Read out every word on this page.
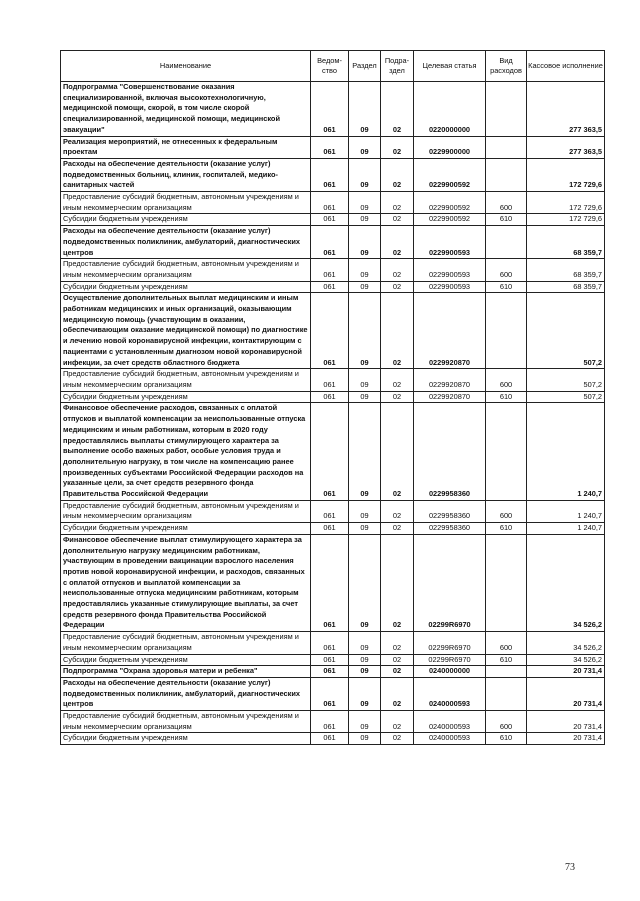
Наименование	Ведом-ство	Раздел	Подра-здел	Целевая статья	Вид расходов	Кассовое исполнение
Подпрограмма "Совершенствование оказания специализированной, включая высокотехнологичную, медицинской помощи, скорой, в том числе скорой специализированной, медицинской помощи, медицинской эвакуации"	061	09	02	0220000000		277 363,5
Реализация мероприятий, не отнесенных к федеральным проектам	061	09	02	0229900000		277 363,5
Расходы на обеспечение деятельности (оказание услуг) подведомственных больниц, клиник, госпиталей, медико-санитарных частей	061	09	02	0229900592		172 729,6
Предоставление субсидий бюджетным, автономным учреждениям и иным некоммерческим организациям	061	09	02	0229900592	600	172 729,6
Субсидии бюджетным учреждениям	061	09	02	0229900592	610	172 729,6
Расходы на обеспечение деятельности (оказание услуг) подведомственных поликлиник, амбулаторий, диагностических центров	061	09	02	0229900593		68 359,7
Предоставление субсидий бюджетным, автономным учреждениям и иным некоммерческим организациям	061	09	02	0229900593	600	68 359,7
Субсидии бюджетным учреждениям	061	09	02	0229900593	610	68 359,7
Осуществление дополнительных выплат медицинским и иным работникам медицинских и иных организаций, оказывающим медицинскую помощь (участвующим в оказании, обеспечивающим оказание медицинской помощи) по диагностике и лечению новой коронавирусной инфекции, контактирующим с пациентами с установленным диагнозом новой коронавирусной инфекции, за счет средств областного бюджета	061	09	02	0229920870		507,2
Предоставление субсидий бюджетным, автономным учреждениям и иным некоммерческим организациям	061	09	02	0229920870	600	507,2
Субсидии бюджетным учреждениям	061	09	02	0229920870	610	507,2
Финансовое обеспечение расходов, связанных с оплатой отпусков и выплатой компенсации за неиспользованные отпуска медицинским и иным работникам, которым в 2020 году предоставлялись выплаты стимулирующего характера за выполнение особо важных работ, особые условия труда и дополнительную нагрузку, в том числе на компенсацию ранее произведенных субъектами Российской Федерации расходов на указанные цели, за счет средств резервного фонда Правительства Российской Федерации	061	09	02	0229958360		1 240,7
Предоставление субсидий бюджетным, автономным учреждениям и иным некоммерческим организациям	061	09	02	0229958360	600	1 240,7
Субсидии бюджетным учреждениям	061	09	02	0229958360	610	1 240,7
Финансовое обеспечение выплат стимулирующего характера за дополнительную нагрузку медицинским работникам, участвующим в проведении вакцинации взрослого населения против новой коронавирусной инфекции, и расходов, связанных с оплатой отпусков и выплатой компенсации за неиспользованные отпуска медицинским работникам, которым предоставлялись указанные стимулирующие выплаты, за счет средств резервного фонда Правительства Российской Федерации	061	09	02	02299R6970		34 526,2
Предоставление субсидий бюджетным, автономным учреждениям и иным некоммерческим организациям	061	09	02	02299R6970	600	34 526,2
Субсидии бюджетным учреждениям	061	09	02	02299R6970	610	34 526,2
Подпрограмма "Охрана здоровья матери и ребенка"	061	09	02	0240000000		20 731,4
Расходы на обеспечение деятельности (оказание услуг) подведомственных поликлиник, амбулаторий, диагностических центров	061	09	02	0240000593		20 731,4
Предоставление субсидий бюджетным, автономным учреждениям и иным некоммерческим организациям	061	09	02	0240000593	600	20 731,4
Субсидии бюджетным учреждениям	061	09	02	0240000593	610	20 731,4
73
